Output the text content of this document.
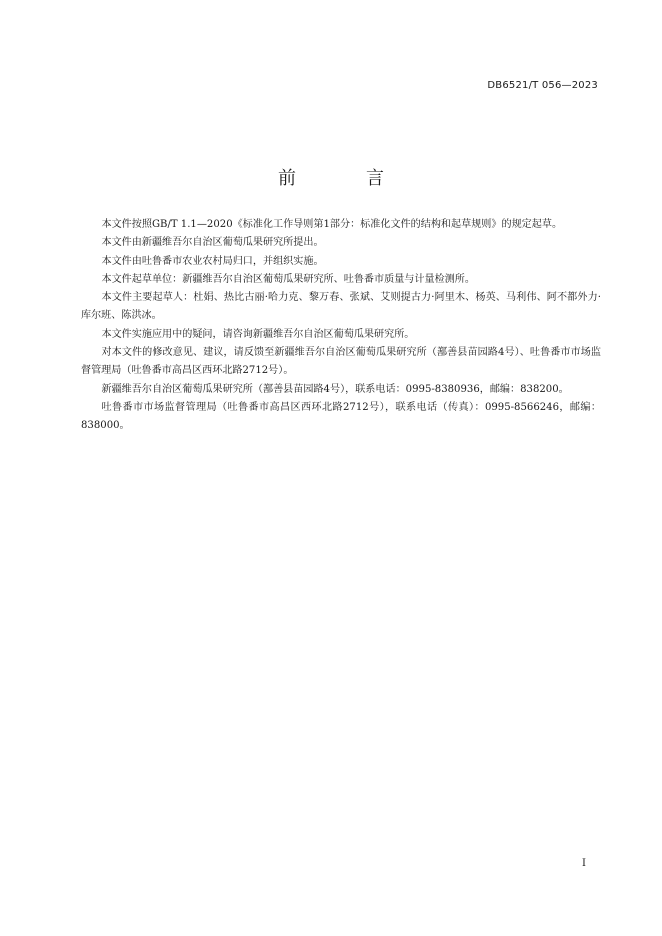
DB6521/T 056—2023
前　言

本文件按照GB/T 1.1—2020《标准化工作导则第1部分：标准化文件的结构和起草规则》的规定起草。

本文件由新疆维吾尔自治区葡萄瓜果研究所提出。

本文件由吐鲁番市农业农村局归口，并组织实施。

本文件起草单位：新疆维吾尔自治区葡萄瓜果研究所、吐鲁番市质量与计量检测所。

本文件主要起草人：杜娟、热比古丽·哈力克、黎万春、张斌、艾则提古力·阿里木、杨英、马利伟、阿不都外力·库尔班、陈洪冰。

本文件实施应用中的疑问，请咨询新疆维吾尔自治区葡萄瓜果研究所。

对本文件的修改意见、建议，请反馈至新疆维吾尔自治区葡萄瓜果研究所（鄯善县苗园路4号）、吐鲁番市市场监督管理局（吐鲁番市高昌区西环北路2712号）。

新疆维吾尔自治区葡萄瓜果研究所（鄯善县苗园路4号），联系电话：0995-8380936，邮编：838200。

吐鲁番市市场监督管理局（吐鲁番市高昌区西环北路2712号），联系电话（传真）：0995-8566246，邮编：838000。

I
